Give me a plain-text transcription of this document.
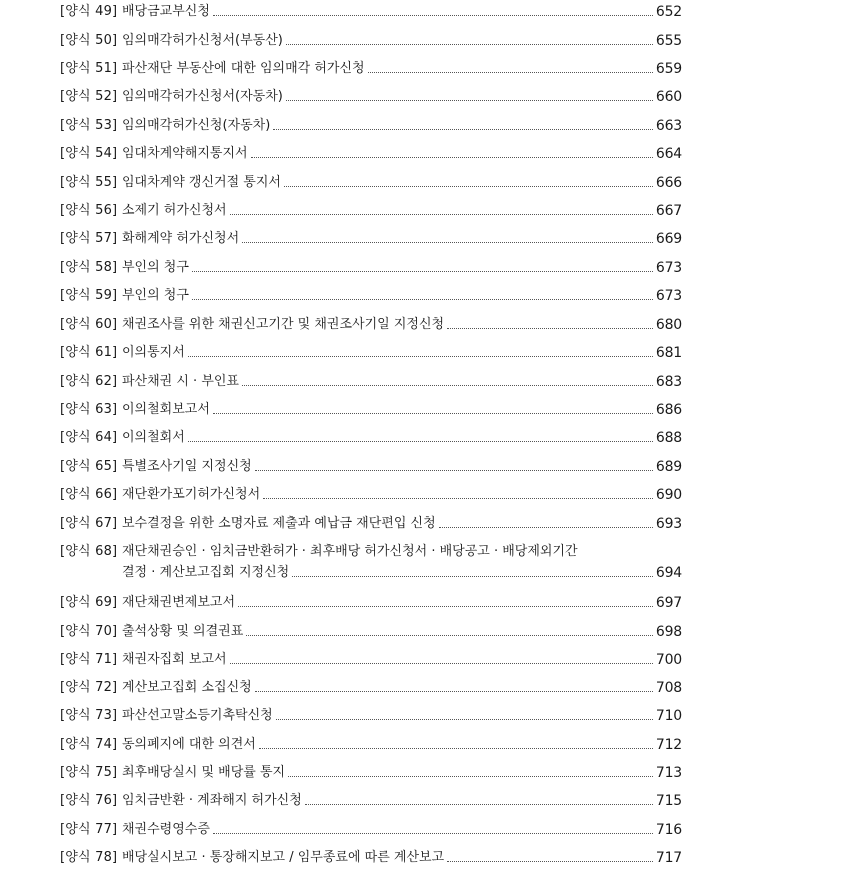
[양식 49] 배당금교부신청	652
[양식 50] 임의매각허가신청서(부동산)	655
[양식 51] 파산재단 부동산에 대한 임의매각 허가신청	659
[양식 52] 임의매각허가신청서(자동차)	660
[양식 53] 임의매각허가신청(자동차)	663
[양식 54] 임대차계약해지통지서	664
[양식 55] 임대차계약 갱신거절 통지서	666
[양식 56] 소제기 허가신청서	667
[양식 57] 화해계약 허가신청서	669
[양식 58] 부인의 청구	673
[양식 59] 부인의 청구	673
[양식 60] 채권조사를 위한 채권신고기간 및 채권조사기일 지정신청	680
[양식 61] 이의통지서	681
[양식 62] 파산채권 시 · 부인표	683
[양식 63] 이의철회보고서	686
[양식 64] 이의철회서	688
[양식 65] 특별조사기일 지정신청	689
[양식 66] 재단환가포기허가신청서	690
[양식 67] 보수결정을 위한 소명자료 제출과 예납금 재단편입 신청	693
[양식 68] 재단채권승인 · 임치금반환허가 · 최후배당 허가신청서 · 배당공고 · 배당제외기간
결정 · 계산보고집회 지정신청	694
[양식 69] 재단채권변제보고서	697
[양식 70] 출석상황 및 의결권표	698
[양식 71] 채권자집회 보고서	700
[양식 72] 계산보고집회 소집신청	708
[양식 73] 파산선고말소등기촉탁신청	710
[양식 74] 동의폐지에 대한 의견서	712
[양식 75] 최후배당실시 및 배당률 통지	713
[양식 76] 임치금반환 · 계좌해지 허가신청	715
[양식 77] 채권수령영수증	716
[양식 78] 배당실시보고 · 통장해지보고 / 임무종료에 따른 계산보고	717
